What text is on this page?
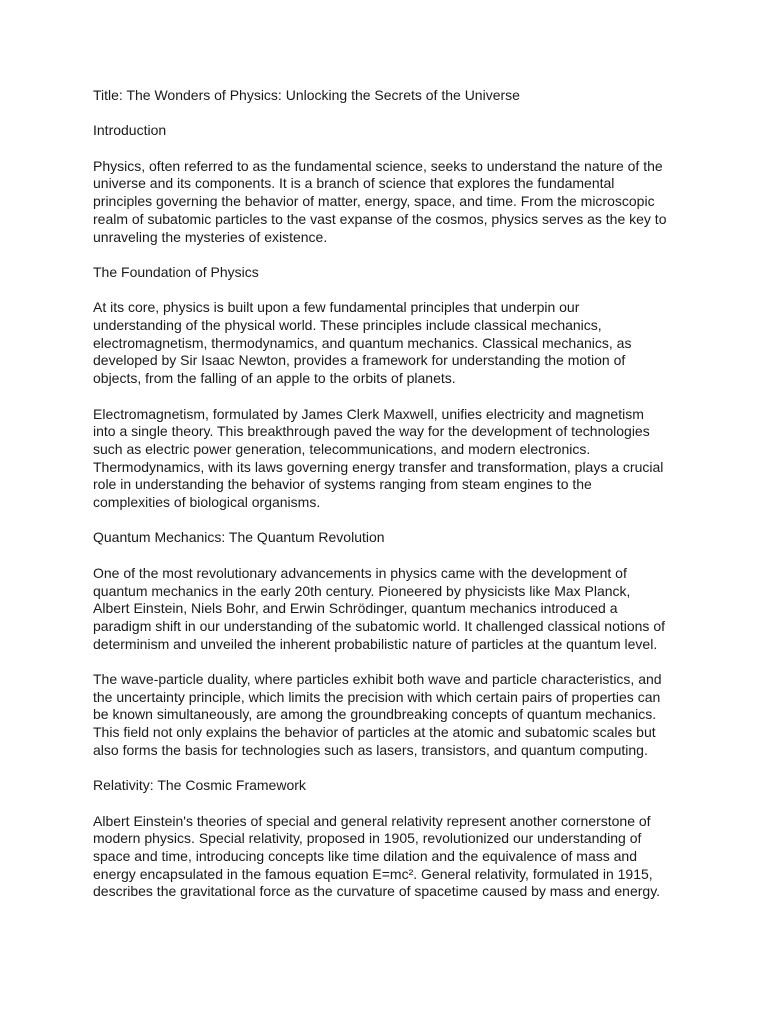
Title: The Wonders of Physics: Unlocking the Secrets of the Universe
Introduction
Physics, often referred to as the fundamental science, seeks to understand the nature of the
universe and its components. It is a branch of science that explores the fundamental
principles governing the behavior of matter, energy, space, and time. From the microscopic
realm of subatomic particles to the vast expanse of the cosmos, physics serves as the key to
unraveling the mysteries of existence.
The Foundation of Physics
At its core, physics is built upon a few fundamental principles that underpin our
understanding of the physical world. These principles include classical mechanics,
electromagnetism, thermodynamics, and quantum mechanics. Classical mechanics, as
developed by Sir Isaac Newton, provides a framework for understanding the motion of
objects, from the falling of an apple to the orbits of planets.
Electromagnetism, formulated by James Clerk Maxwell, unifies electricity and magnetism
into a single theory. This breakthrough paved the way for the development of technologies
such as electric power generation, telecommunications, and modern electronics.
Thermodynamics, with its laws governing energy transfer and transformation, plays a crucial
role in understanding the behavior of systems ranging from steam engines to the
complexities of biological organisms.
Quantum Mechanics: The Quantum Revolution
One of the most revolutionary advancements in physics came with the development of
quantum mechanics in the early 20th century. Pioneered by physicists like Max Planck,
Albert Einstein, Niels Bohr, and Erwin Schrödinger, quantum mechanics introduced a
paradigm shift in our understanding of the subatomic world. It challenged classical notions of
determinism and unveiled the inherent probabilistic nature of particles at the quantum level.
The wave-particle duality, where particles exhibit both wave and particle characteristics, and
the uncertainty principle, which limits the precision with which certain pairs of properties can
be known simultaneously, are among the groundbreaking concepts of quantum mechanics.
This field not only explains the behavior of particles at the atomic and subatomic scales but
also forms the basis for technologies such as lasers, transistors, and quantum computing.
Relativity: The Cosmic Framework
Albert Einstein's theories of special and general relativity represent another cornerstone of
modern physics. Special relativity, proposed in 1905, revolutionized our understanding of
space and time, introducing concepts like time dilation and the equivalence of mass and
energy encapsulated in the famous equation E=mc². General relativity, formulated in 1915,
describes the gravitational force as the curvature of spacetime caused by mass and energy.
